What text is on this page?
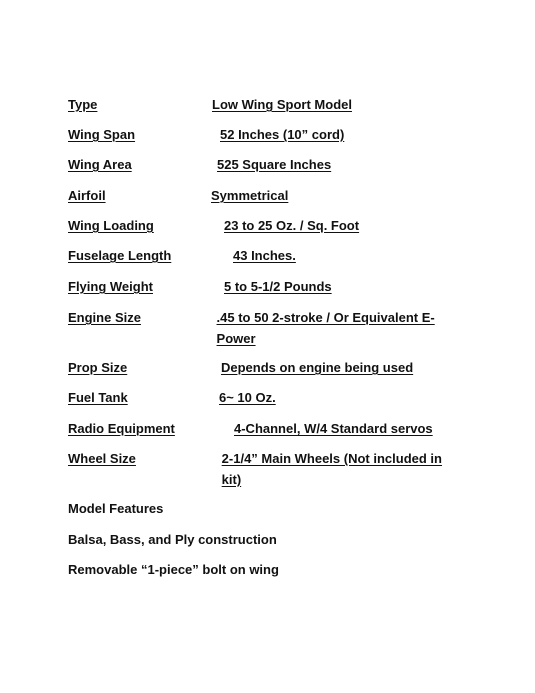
Type	Low Wing Sport Model
Wing Span	52 Inches (10” cord)
Wing Area	525 Square Inches
Airfoil	Symmetrical
Wing Loading	23 to 25 Oz. / Sq. Foot
Fuselage Length	43 Inches.
Flying Weight	5 to 5-1/2 Pounds
Engine Size	.45 to 50 2-stroke / Or Equivalent E-Power
Prop Size	Depends on engine being used
Fuel Tank	6~ 10 Oz.
Radio Equipment	4-Channel, W/4 Standard servos
Wheel Size	2-1/4” Main Wheels (Not included in kit)
Model Features
Balsa, Bass, and Ply construction
Removable “1-piece” bolt on wing
